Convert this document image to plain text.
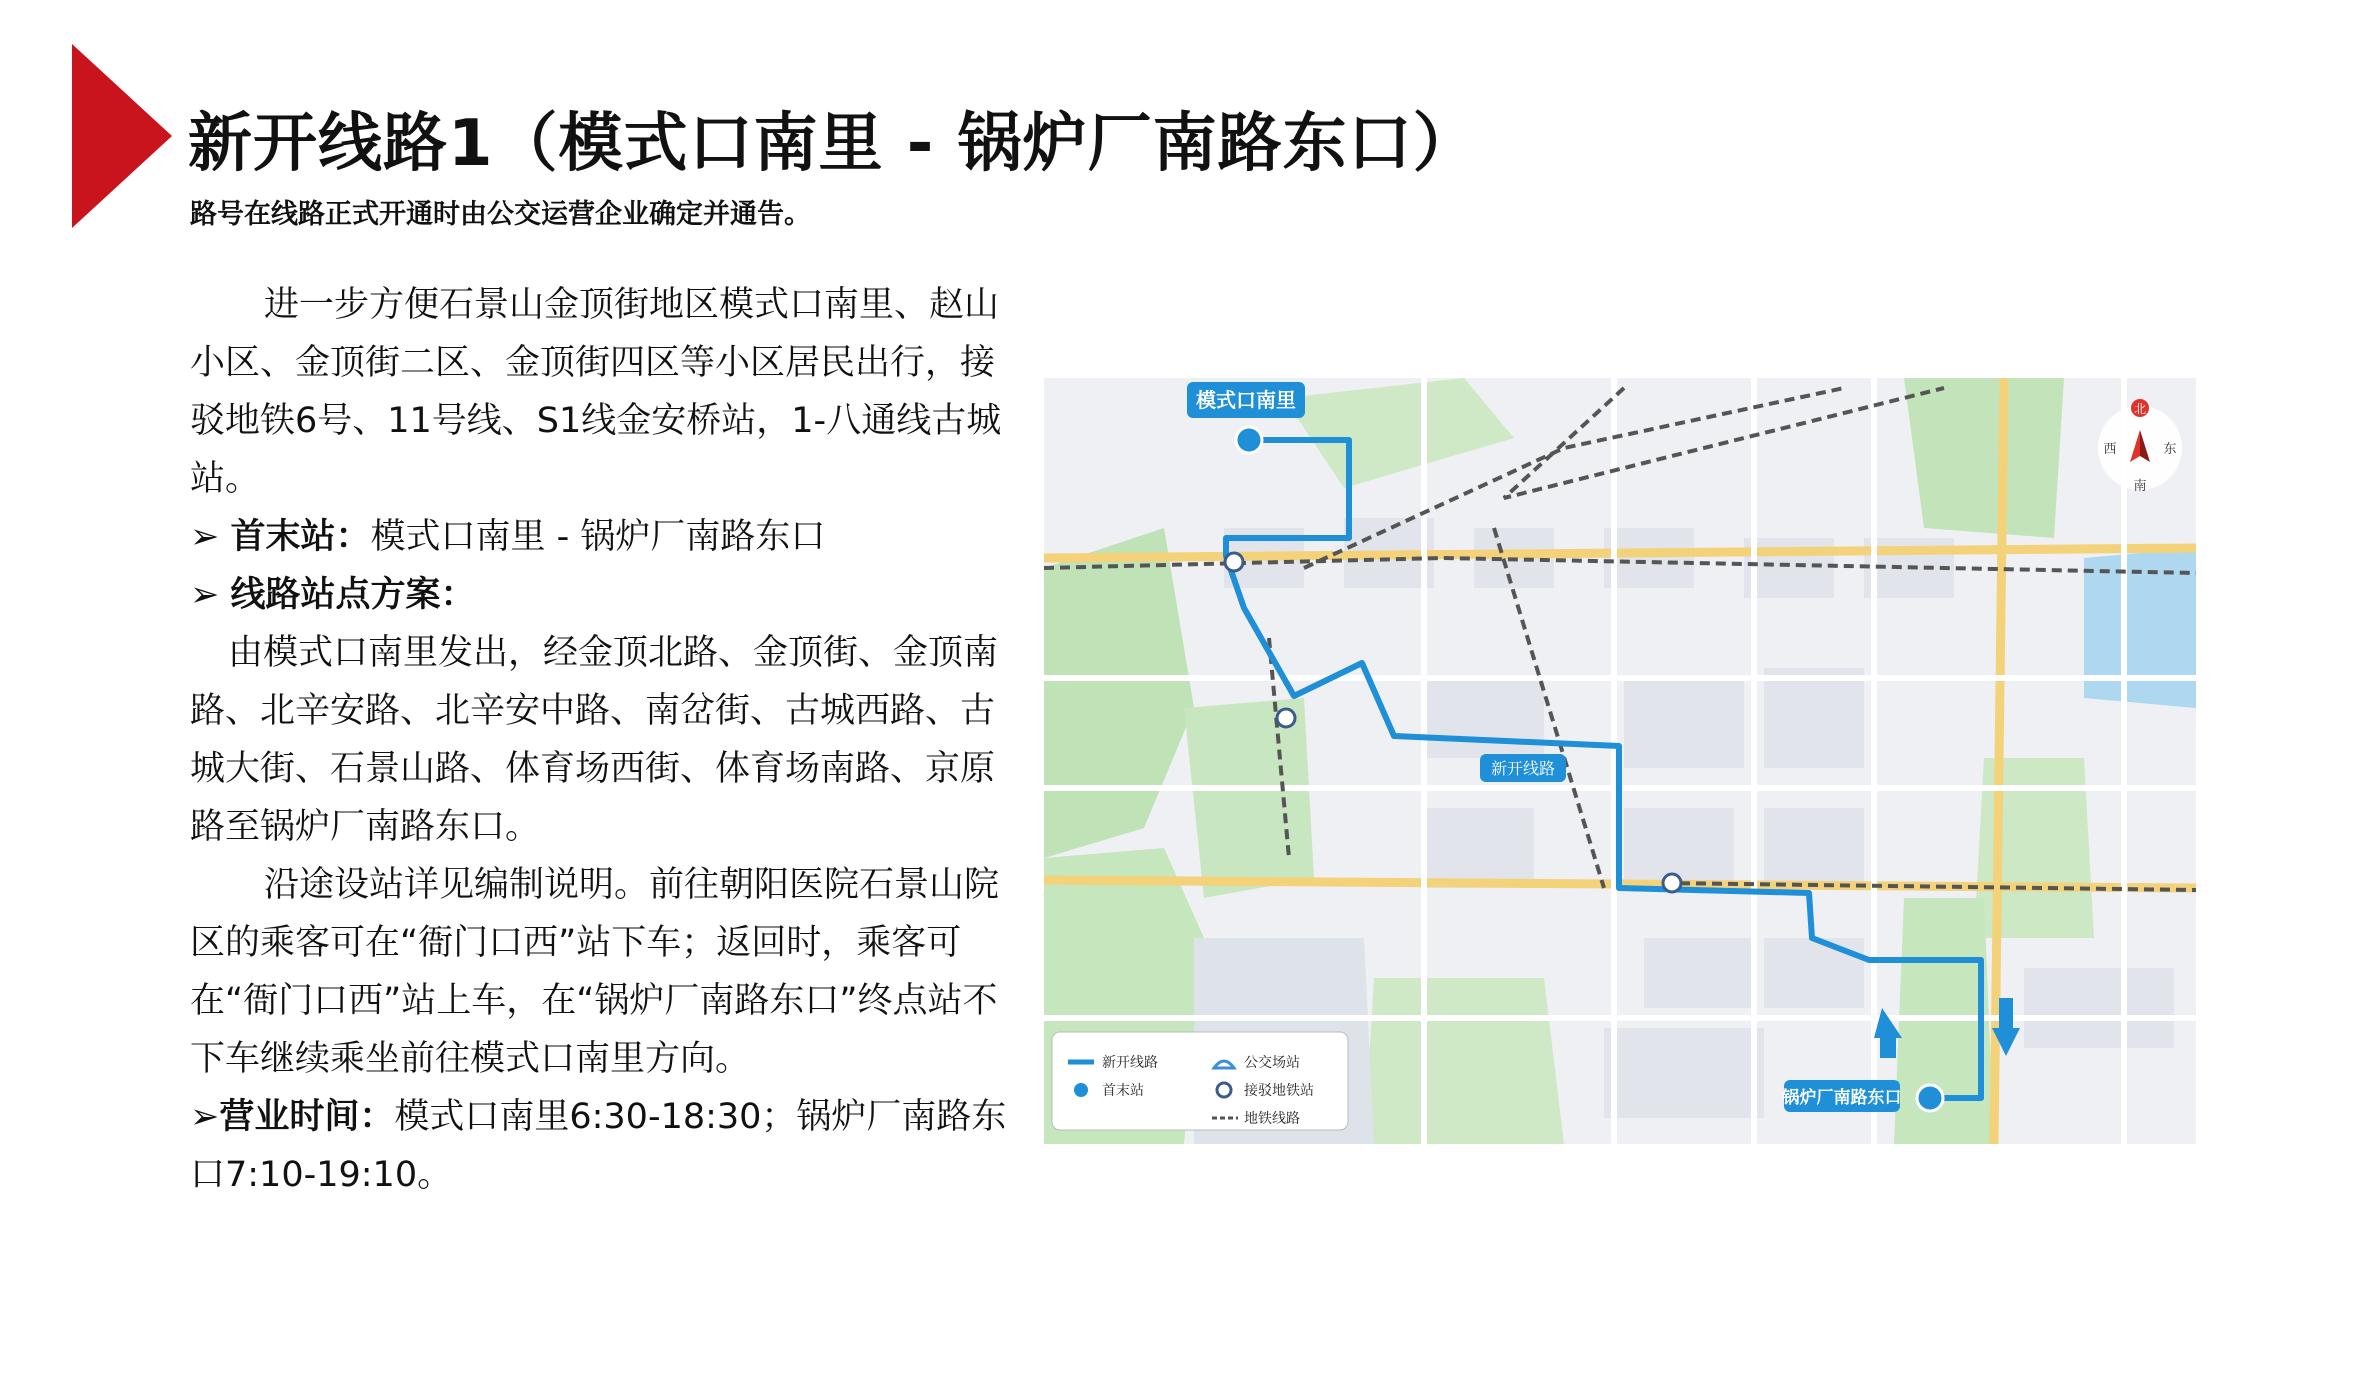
新开线路1（模式口南里 - 锅炉厂南路东口）
路号在线路正式开通时由公交运营企业确定并通告。

进一步方便石景山金顶街地区模式口南里、赵山小区、金顶街二区、金顶街四区等小区居民出行，接驳地铁6号、11号线、S1线金安桥站，1-八通线古城站。

➢ 首末站：模式口南里 - 锅炉厂南路东口

➢ 线路站点方案：

由模式口南里发出，经金顶北路、金顶街、金顶南路、北辛安路、北辛安中路、南岔街、古城西路、古城大街、石景山路、体育场西街、体育场南路、京原路至锅炉厂南路东口。

沿途设站详见编制说明。前往朝阳医院石景山院区的乘客可在“衙门口西”站下车；返回时，乘客可在“衙门口西”站上车，在“锅炉厂南路东口”终点站不下车继续乘坐前往模式口南里方向。

➢营业时间：模式口南里6:30-18:30；锅炉厂南路东口7:10-19:10。

模式口南里
锅炉厂南路东口
新开线路
北
西	东
南
新开线路
首末站
公交场站
接驳地铁站
地铁线路
